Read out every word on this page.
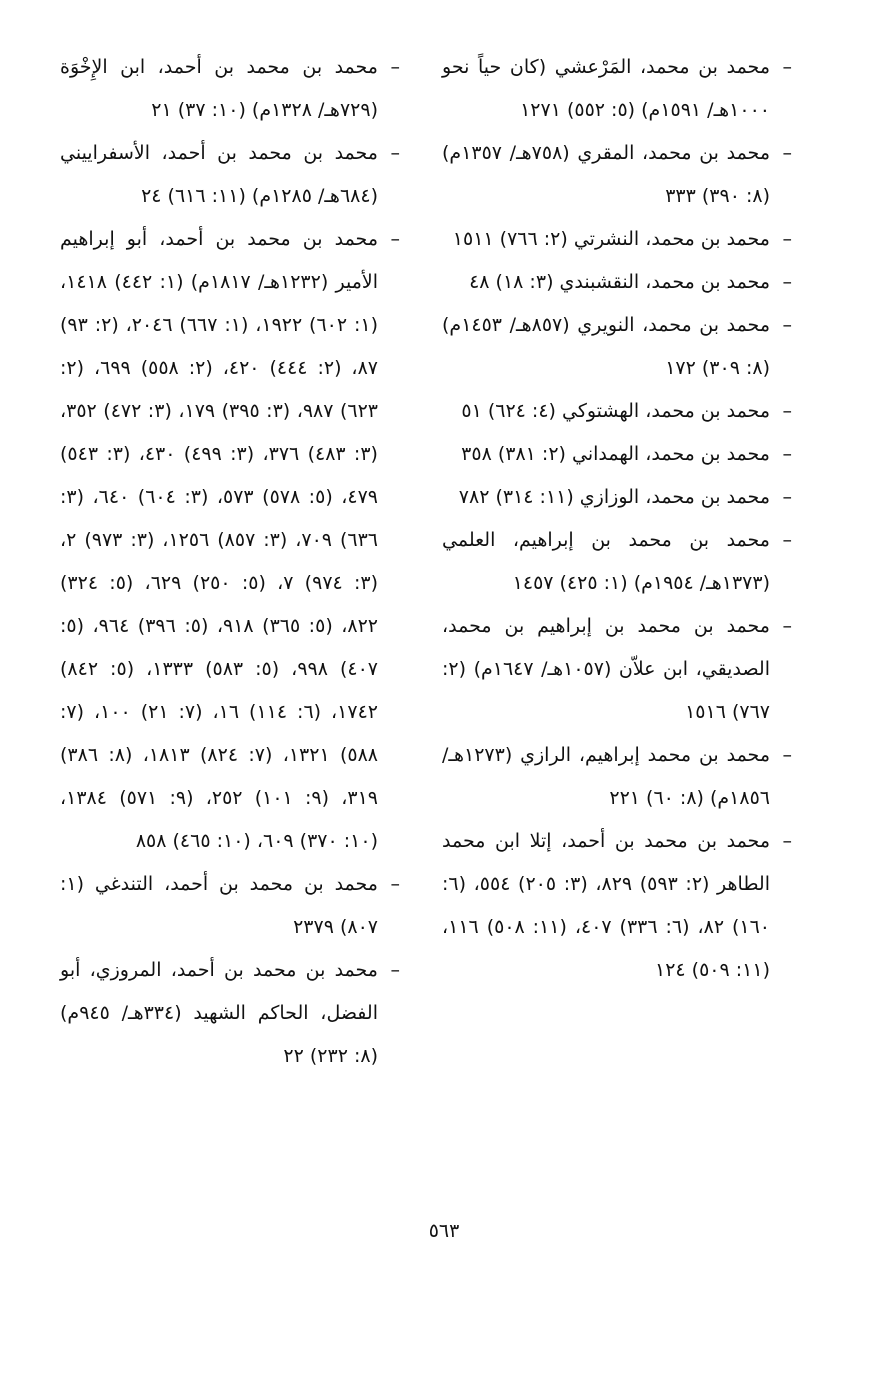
–
محمد بن محمد، المَرْعشي (كان حياً نحو ١٠٠٠هـ/ ١٥٩١م) (٥: ٥٥٢) ١٢٧١
–
محمد بن محمد، المقري (٧٥٨هـ/ ١٣٥٧م) (٨: ٣٩٠) ٣٣٣
–
محمد بن محمد، النشرتي (٢: ٧٦٦) ١٥١١
–
محمد بن محمد، النقشبندي (٣: ١٨) ٤٨
–
محمد بن محمد، النويري (٨٥٧هـ/ ١٤٥٣م) (٨: ٣٠٩) ١٧٢
–
محمد بن محمد، الهشتوكي (٤: ٦٢٤) ٥١
–
محمد بن محمد، الهمداني (٢: ٣٨١) ٣٥٨
–
محمد بن محمد، الوزازي (١١: ٣١٤) ٧٨٢
–
محمد بن محمد بن إبراهيم، العلمي (١٣٧٣هـ/ ١٩٥٤م) (١: ٤٢٥) ١٤٥٧
–
محمد بن محمد بن إبراهيم بن محمد، الصديقي، ابن علاّن (١٠٥٧هـ/ ١٦٤٧م) (٢: ٧٦٧) ١٥١٦
–
محمد بن محمد إبراهيم، الرازي (١٢٧٣هـ/ ١٨٥٦م) (٨: ٦٠) ٢٢١
–
محمد بن محمد بن أحمد، إتلا ابن محمد الطاهر (٢: ٥٩٣) ٨٢٩، (٣: ٢٠٥) ٥٥٤، (٦: ١٦٠) ٨٢، (٦: ٣٣٦) ٤٠٧، (١١: ٥٠٨) ١١٦، (١١: ٥٠٩) ١٢٤
–
محمد بن محمد بن أحمد، ابن الإِخْوَة (٧٢٩هـ/ ١٣٢٨م) (١٠: ٣٧) ٢١
–
محمد بن محمد بن أحمد، الأسفراييني (٦٨٤هـ/ ١٢٨٥م) (١١: ٦١٦) ٢٤
–
محمد بن محمد بن أحمد، أبو إبراهيم الأمير (١٢٣٢هـ/ ١٨١٧م) (١: ٤٤٢) ١٤١٨، (١: ٦٠٢) ١٩٢٢، (١: ٦٦٧) ٢٠٤٦، (٢: ٩٣) ٨٧، (٢: ٤٤٤) ٤٢٠، (٢: ٥٥٨) ٦٩٩، (٢: ٦٢٣) ٩٨٧، (٣: ٣٩٥) ١٧٩، (٣: ٤٧٢) ٣٥٢، (٣: ٤٨٣) ٣٧٦، (٣: ٤٩٩) ٤٣٠، (٣: ٥٤٣) ٤٧٩، (٥: ٥٧٨) ٥٧٣، (٣: ٦٠٤) ٦٤٠، (٣: ٦٣٦) ٧٠٩، (٣: ٨٥٧) ١٢٥٦، (٣: ٩٧٣) ٢، (٣: ٩٧٤) ٧، (٥: ٢٥٠) ٦٢٩، (٥: ٣٢٤) ٨٢٢، (٥: ٣٦٥) ٩١٨، (٥: ٣٩٦) ٩٦٤، (٥: ٤٠٧) ٩٩٨، (٥: ٥٨٣) ١٣٣٣، (٥: ٨٤٢) ١٧٤٢، (٦: ١١٤) ١٦، (٧: ٢١) ١٠٠، (٧: ٥٨٨) ١٣٢١، (٧: ٨٢٤) ١٨١٣، (٨: ٣٨٦) ٣١٩، (٩: ١٠١) ٢٥٢، (٩: ٥٧١) ١٣٨٤، (١٠: ٣٧٠) ٦٠٩، (١٠: ٤٦٥) ٨٥٨
–
محمد بن محمد بن أحمد، التندغي (١: ٨٠٧) ٢٣٧٩
–
محمد بن محمد بن أحمد، المروزي، أبو الفضل، الحاكم الشهيد (٣٣٤هـ/ ٩٤٥م) (٨: ٢٣٢) ٢٢
٥٦٣
